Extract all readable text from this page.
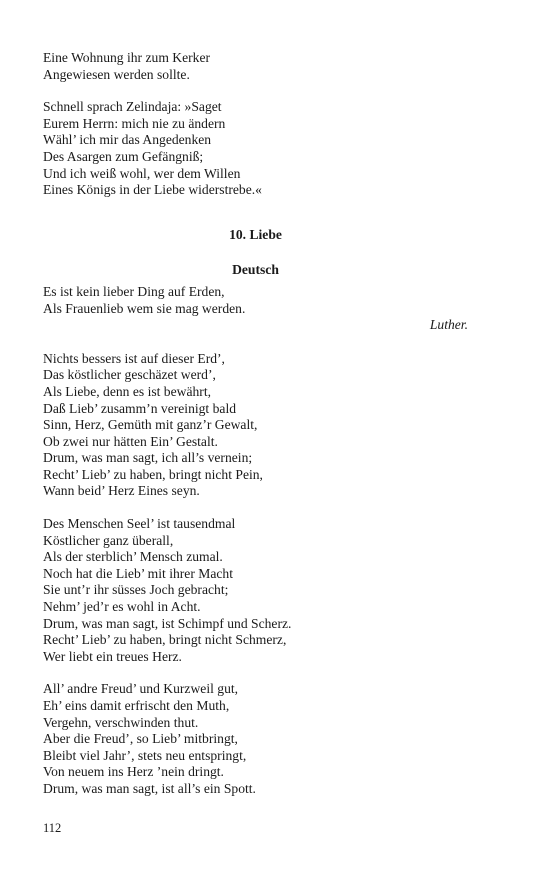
Eine Wohnung ihr zum Kerker
Angewiesen werden sollte.
Schnell sprach Zelindaja: »Saget
Eurem Herrn: mich nie zu ändern
Wähl’ ich mir das Angedenken
Des Asargen zum Gefängniß;
Und ich weiß wohl, wer dem Willen
Eines Königs in der Liebe widerstrebe.«
10. Liebe
Deutsch
Es ist kein lieber Ding auf Erden,
Als Frauenlieb wem sie mag werden.
Luther.
Nichts bessers ist auf dieser Erd’,
Das köstlicher geschäzet werd’,
Als Liebe, denn es ist bewährt,
Daß Lieb’ zusamm’n vereinigt bald
Sinn, Herz, Gemüth mit ganz’r Gewalt,
Ob zwei nur hätten Ein’ Gestalt.
Drum, was man sagt, ich all’s vernein;
Recht’ Lieb’ zu haben, bringt nicht Pein,
Wann beid’ Herz Eines seyn.
Des Menschen Seel’ ist tausendmal
Köstlicher ganz überall,
Als der sterblich’ Mensch zumal.
Noch hat die Lieb’ mit ihrer Macht
Sie unt’r ihr süsses Joch gebracht;
Nehm’ jed’r es wohl in Acht.
Drum, was man sagt, ist Schimpf und Scherz.
Recht’ Lieb’ zu haben, bringt nicht Schmerz,
Wer liebt ein treues Herz.
All’ andre Freud’ und Kurzweil gut,
Eh’ eins damit erfrischt den Muth,
Vergehn, verschwinden thut.
Aber die Freud’, so Lieb’ mitbringt,
Bleibt viel Jahr’, stets neu entspringt,
Von neuem ins Herz ’nein dringt.
Drum, was man sagt, ist all’s ein Spott.
112
